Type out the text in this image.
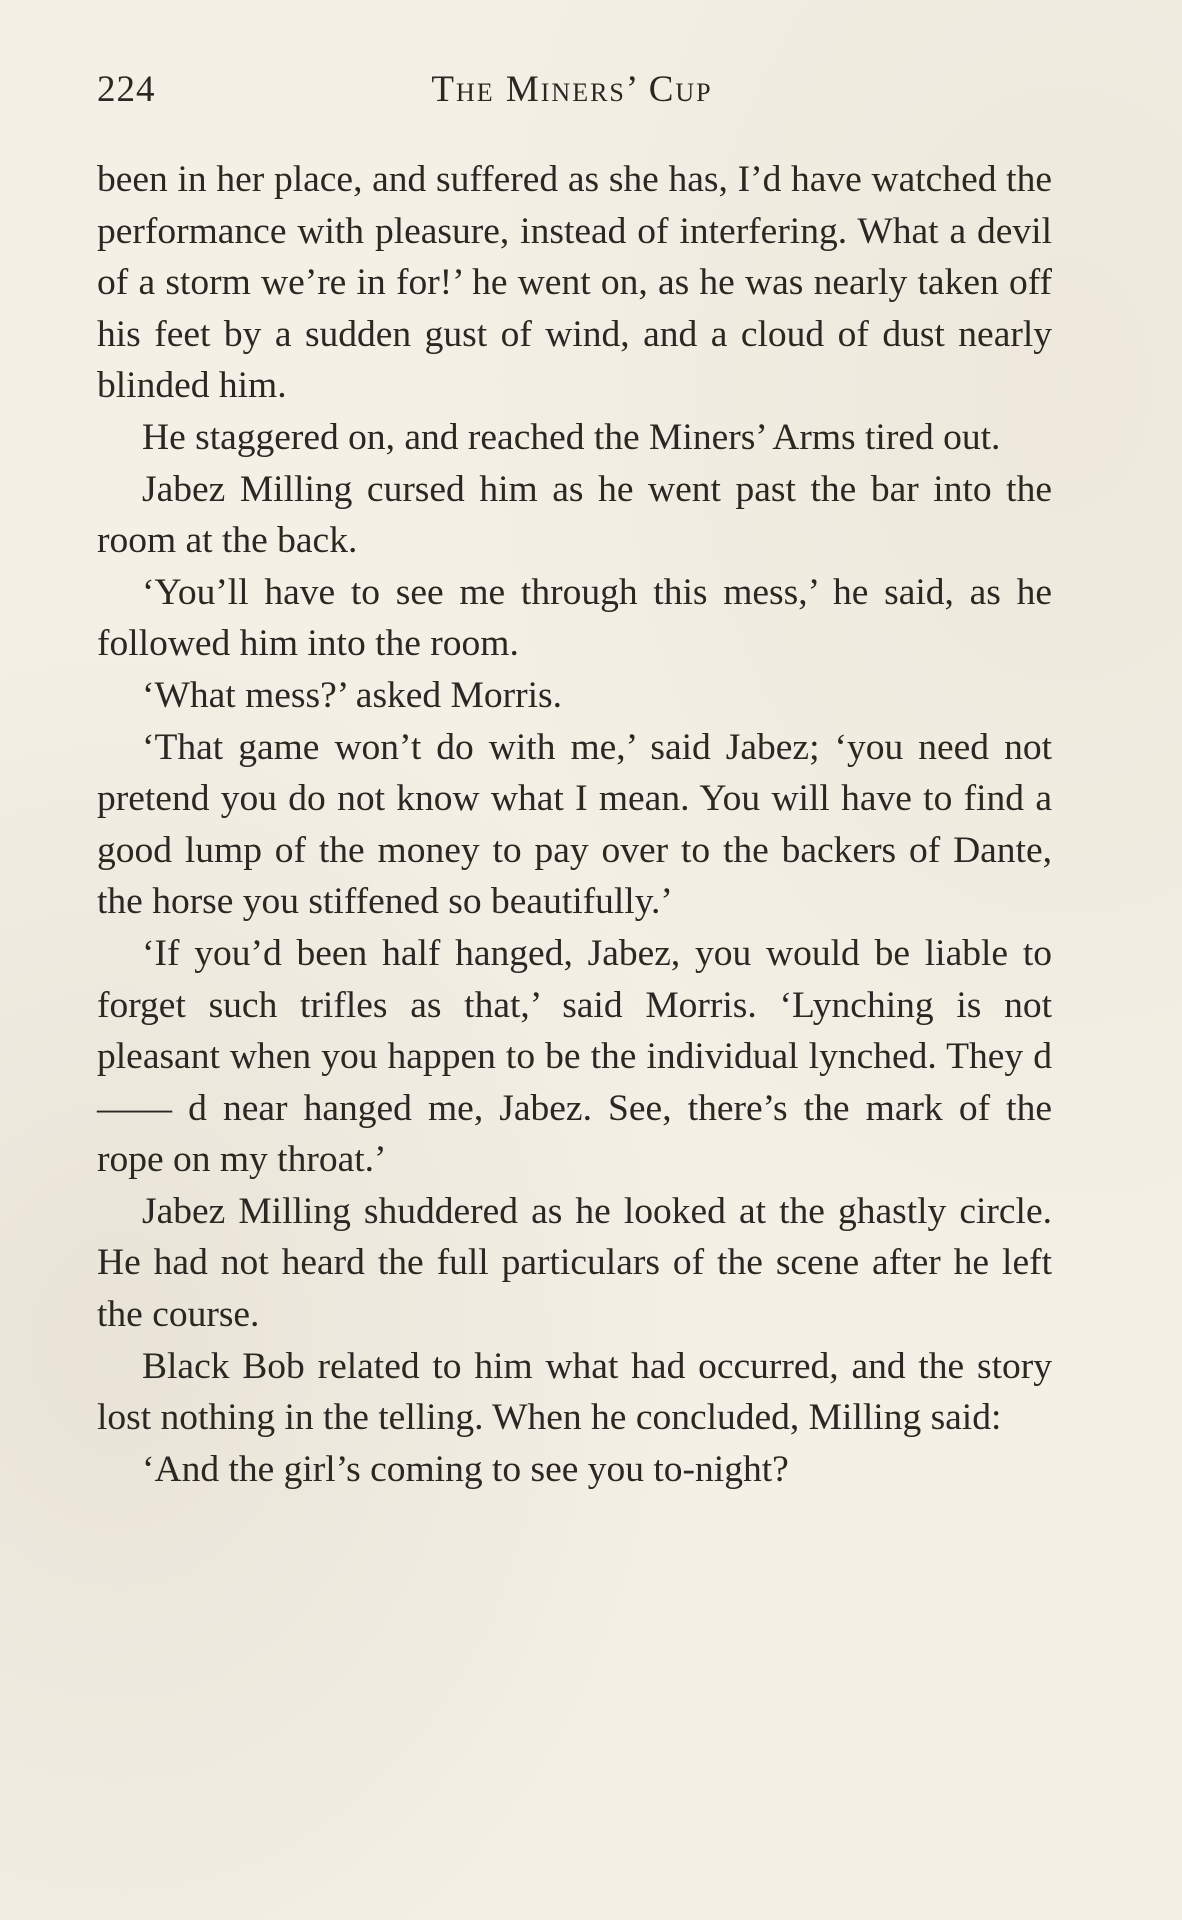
224	The Miners’ Cup

been in her place, and suffered as she has, I’d have watched the performance with pleasure, instead of interfering. What a devil of a storm we’re in for!’ he went on, as he was nearly taken off his feet by a sudden gust of wind, and a cloud of dust nearly blinded him.

He staggered on, and reached the Miners’ Arms tired out.

Jabez Milling cursed him as he went past the bar into the room at the back.

‘You’ll have to see me through this mess,’ he said, as he followed him into the room.

‘What mess?’ asked Morris.

‘That game won’t do with me,’ said Jabez; ‘you need not pretend you do not know what I mean. You will have to find a good lump of the money to pay over to the backers of Dante, the horse you stiffened so beautifully.’

‘If you’d been half hanged, Jabez, you would be liable to forget such trifles as that,’ said Morris. ‘Lynching is not pleasant when you happen to be the individual lynched. They d—— d near hanged me, Jabez. See, there’s the mark of the rope on my throat.’

Jabez Milling shuddered as he looked at the ghastly circle. He had not heard the full particulars of the scene after he left the course.

Black Bob related to him what had occurred, and the story lost nothing in the telling. When he concluded, Milling said:

‘And the girl’s coming to see you to-night?
